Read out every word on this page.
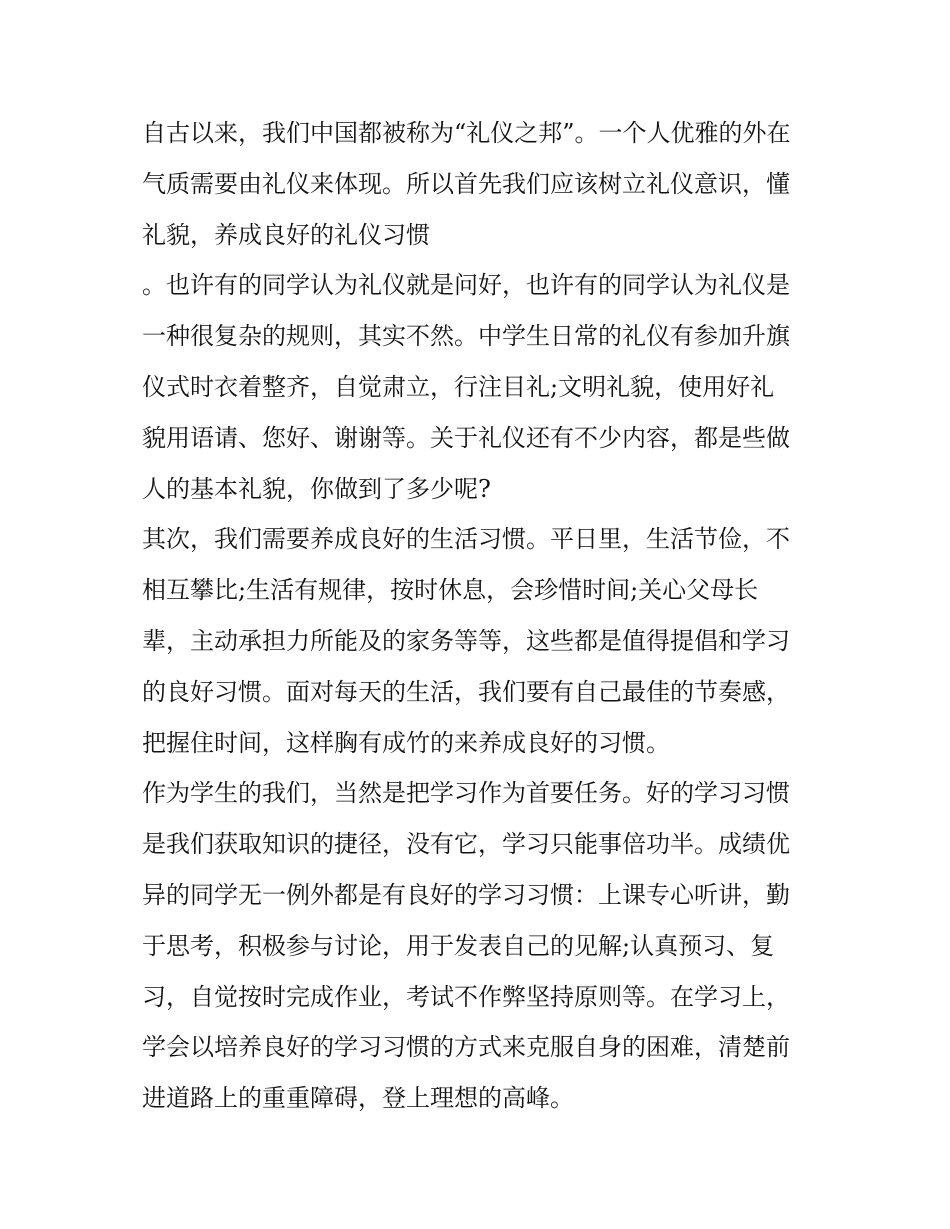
自古以来，我们中国都被称为“礼仪之邦”。一个人优雅的外在
气质需要由礼仪来体现。所以首先我们应该树立礼仪意识，懂
礼貌，养成良好的礼仪习惯
。也许有的同学认为礼仪就是问好，也许有的同学认为礼仪是
一种很复杂的规则，其实不然。中学生日常的礼仪有参加升旗
仪式时衣着整齐，自觉肃立，行注目礼;文明礼貌，使用好礼
貌用语请、您好、谢谢等。关于礼仪还有不少内容，都是些做
人的基本礼貌，你做到了多少呢?
其次，我们需要养成良好的生活习惯。平日里，生活节俭，不
相互攀比;生活有规律，按时休息，会珍惜时间;关心父母长
辈，主动承担力所能及的家务等等，这些都是值得提倡和学习
的良好习惯。面对每天的生活，我们要有自己最佳的节奏感，
把握住时间，这样胸有成竹的来养成良好的习惯。
作为学生的我们，当然是把学习作为首要任务。好的学习习惯
是我们获取知识的捷径，没有它，学习只能事倍功半。成绩优
异的同学无一例外都是有良好的学习习惯：上课专心听讲，勤
于思考，积极参与讨论，用于发表自己的见解;认真预习、复
习，自觉按时完成作业，考试不作弊坚持原则等。在学习上，
学会以培养良好的学习习惯的方式来克服自身的困难，清楚前
进道路上的重重障碍，登上理想的高峰。
